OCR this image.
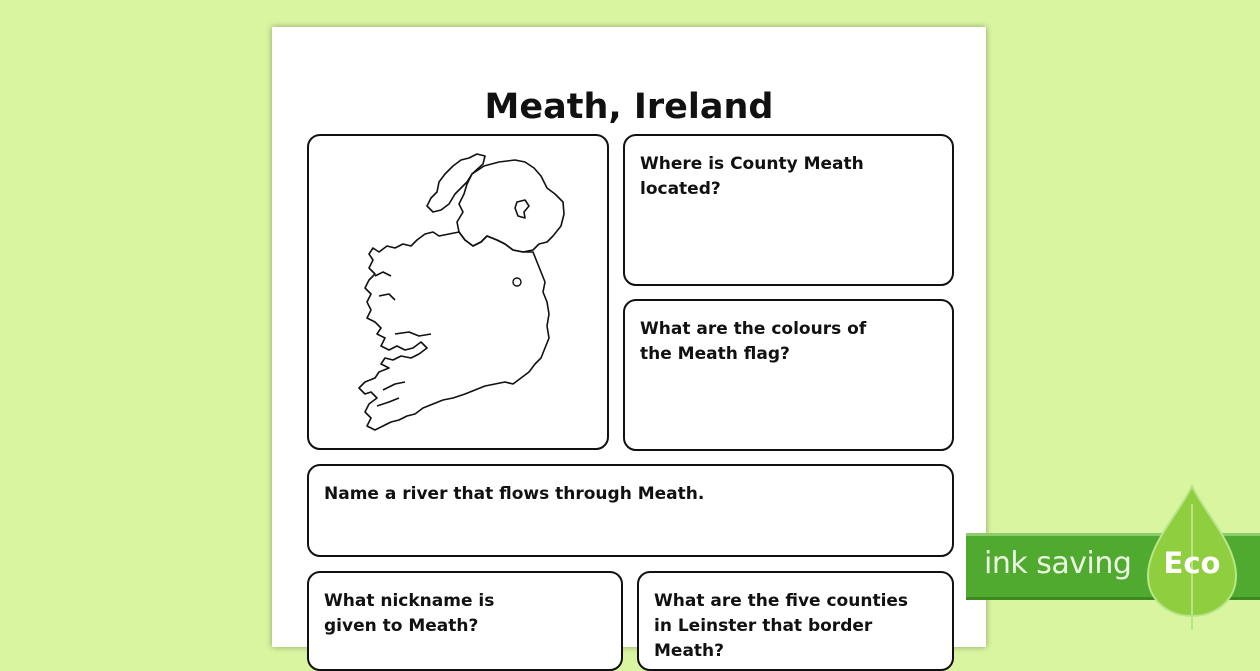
Meath, Ireland
Where is County Meath located?
What are the colours of the Meath flag?
Name a river that flows through Meath.
What nickname is given to Meath?
What are the five counties in Leinster that border Meath?
ink saving	Eco
